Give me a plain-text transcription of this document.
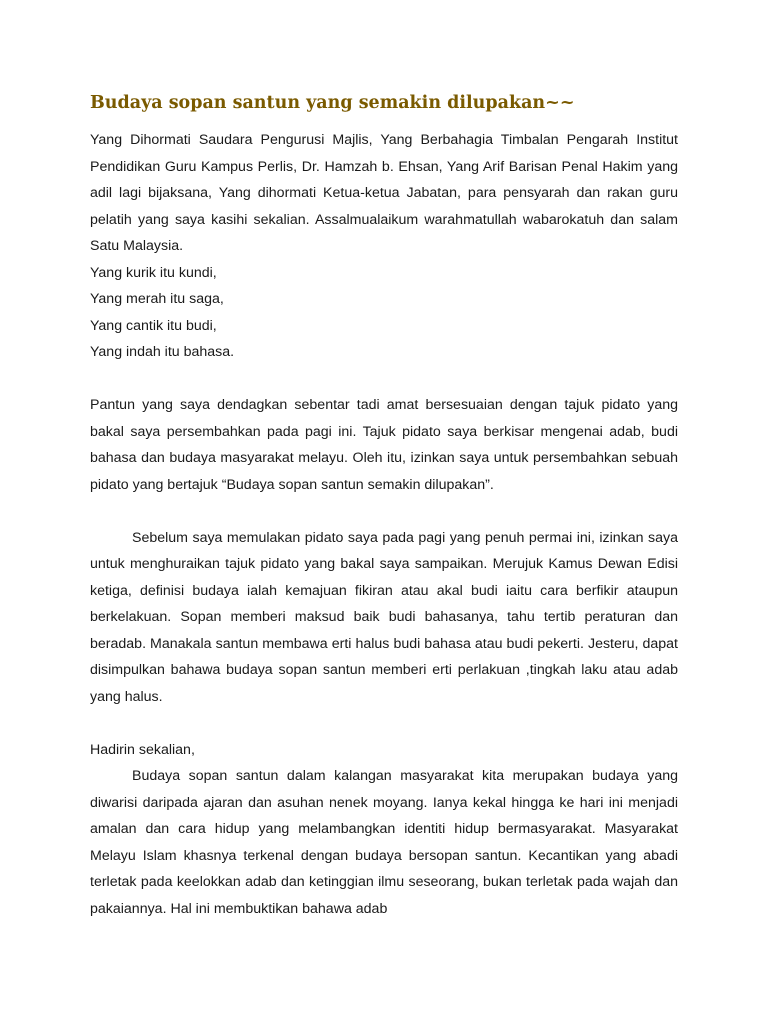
Budaya sopan santun yang semakin dilupakan~~

Yang Dihormati Saudara Pengurusi Majlis, Yang Berbahagia Timbalan Pengarah Institut Pendidikan Guru Kampus Perlis, Dr. Hamzah b. Ehsan, Yang Arif Barisan Penal Hakim yang adil lagi bijaksana, Yang dihormati Ketua-ketua Jabatan, para pensyarah dan rakan guru pelatih yang saya kasihi sekalian. Assalmualaikum warahmatullah wabarokatuh dan salam Satu Malaysia.

Yang kurik itu kundi,

Yang merah itu saga,

Yang cantik itu budi,

Yang indah itu bahasa.

Pantun yang saya dendagkan sebentar tadi amat bersesuaian dengan tajuk pidato yang bakal saya persembahkan pada pagi ini. Tajuk pidato saya berkisar mengenai adab, budi bahasa dan budaya masyarakat melayu. Oleh itu, izinkan saya untuk persembahkan sebuah pidato yang bertajuk “Budaya sopan santun semakin dilupakan”.

Sebelum saya memulakan pidato saya pada pagi yang penuh permai ini, izinkan saya untuk menghuraikan tajuk pidato yang bakal saya sampaikan. Merujuk Kamus Dewan Edisi ketiga, definisi budaya ialah kemajuan fikiran atau akal budi iaitu cara berfikir ataupun berkelakuan. Sopan memberi maksud baik budi bahasanya, tahu tertib peraturan dan beradab. Manakala santun membawa erti halus budi bahasa atau budi pekerti. Jesteru, dapat disimpulkan bahawa budaya sopan santun memberi erti perlakuan ,tingkah laku atau adab yang halus.

Hadirin sekalian,

Budaya sopan santun dalam kalangan masyarakat kita merupakan budaya yang diwarisi daripada ajaran dan asuhan nenek moyang. Ianya kekal hingga ke hari ini menjadi amalan dan cara hidup yang melambangkan identiti hidup bermasyarakat. Masyarakat Melayu Islam khasnya terkenal dengan budaya bersopan santun. Kecantikan yang abadi terletak pada keelokkan adab dan ketinggian ilmu seseorang, bukan terletak pada wajah dan pakaiannya. Hal ini membuktikan bahawa adab
